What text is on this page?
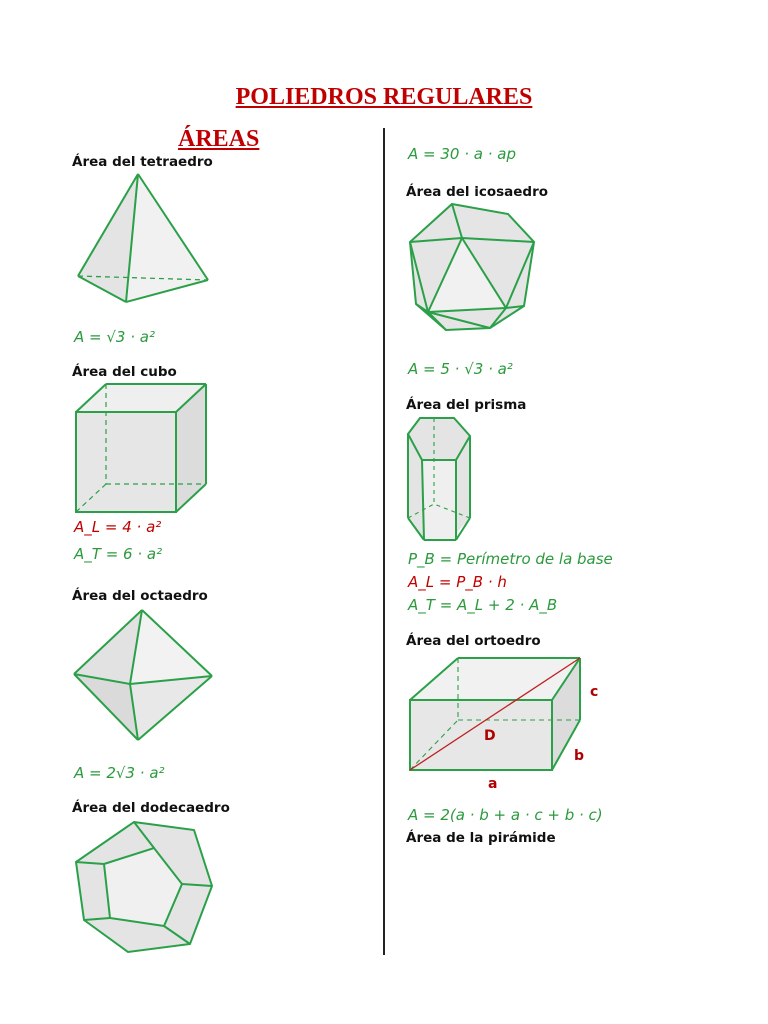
POLIEDROS REGULARES
ÁREAS
Área del tetraedro
A = √3 · a²
Área del cubo
A_L = 4 · a²
A_T = 6 · a²
Área del octaedro
A = 2√3 · a²
Área del dodecaedro
A = 30 · a · ap
Área del icosaedro
A = 5 · √3 · a²
Área del prisma
P_B = Perímetro de la base
A_L = P_B · h
A_T = A_L + 2 · A_B
Área del ortoedro
D
a
b
c
A = 2(a · b + a · c + b · c)
Área de la pirámide
